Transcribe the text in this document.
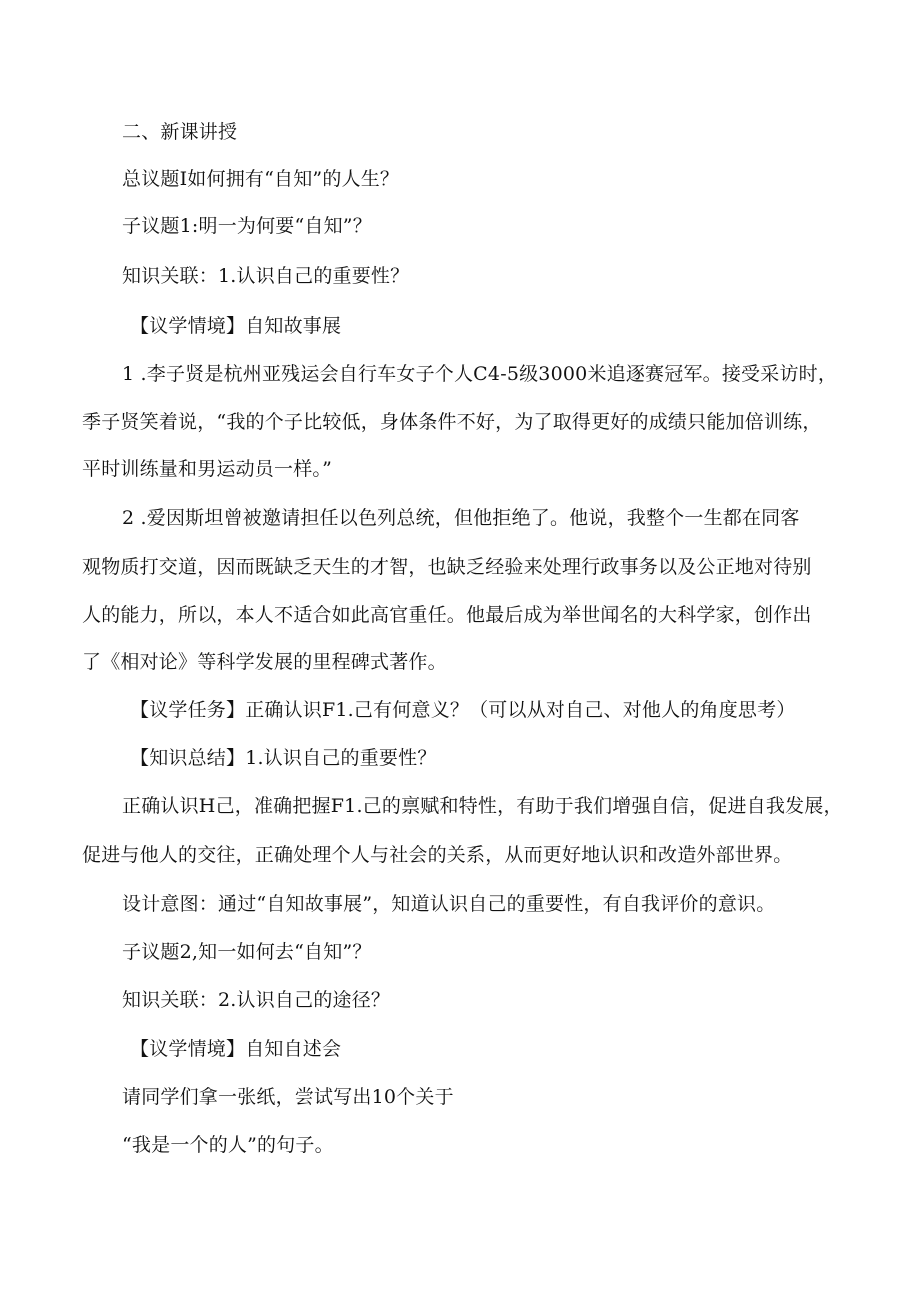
二、新课讲授
总议题I如何拥有“自知”的人生？
子议题1:明一为何要“自知”？
知识关联：1.认识自己的重要性？
【议学情境】自知故事展
1 .李子贤是杭州亚残运会自行车女子个人C4-5级3000米追逐赛冠军。接受采访时，
季子贤笑着说，“我的个子比较低，身体条件不好，为了取得更好的成绩只能加倍训练，
平时训练量和男运动员一样。”
2 .爱因斯坦曾被邀请担任以色列总统，但他拒绝了。他说，我整个一生都在同客
观物质打交道，因而既缺乏天生的才智，也缺乏经验来处理行政事务以及公正地对待别
人的能力，所以，本人不适合如此高官重任。他最后成为举世闻名的大科学家，创作出
了《相对论》等科学发展的里程碑式著作。
【议学任务】正确认识F1.己有何意义？（可以从对自己、对他人的角度思考）
【知识总结】1.认识自己的重要性？
正确认识H己，准确把握F1.己的禀赋和特性，有助于我们增强自信，促进自我发展，
促进与他人的交往，正确处理个人与社会的关系，从而更好地认识和改造外部世界。
设计意图：通过“自知故事展”，知道认识自己的重要性，有自我评价的意识。
子议题2,知一如何去“自知”？
知识关联：2.认识自己的途径？
【议学情境】自知自述会
请同学们拿一张纸，尝试写出10个关于
“我是一个的人”的句子。
